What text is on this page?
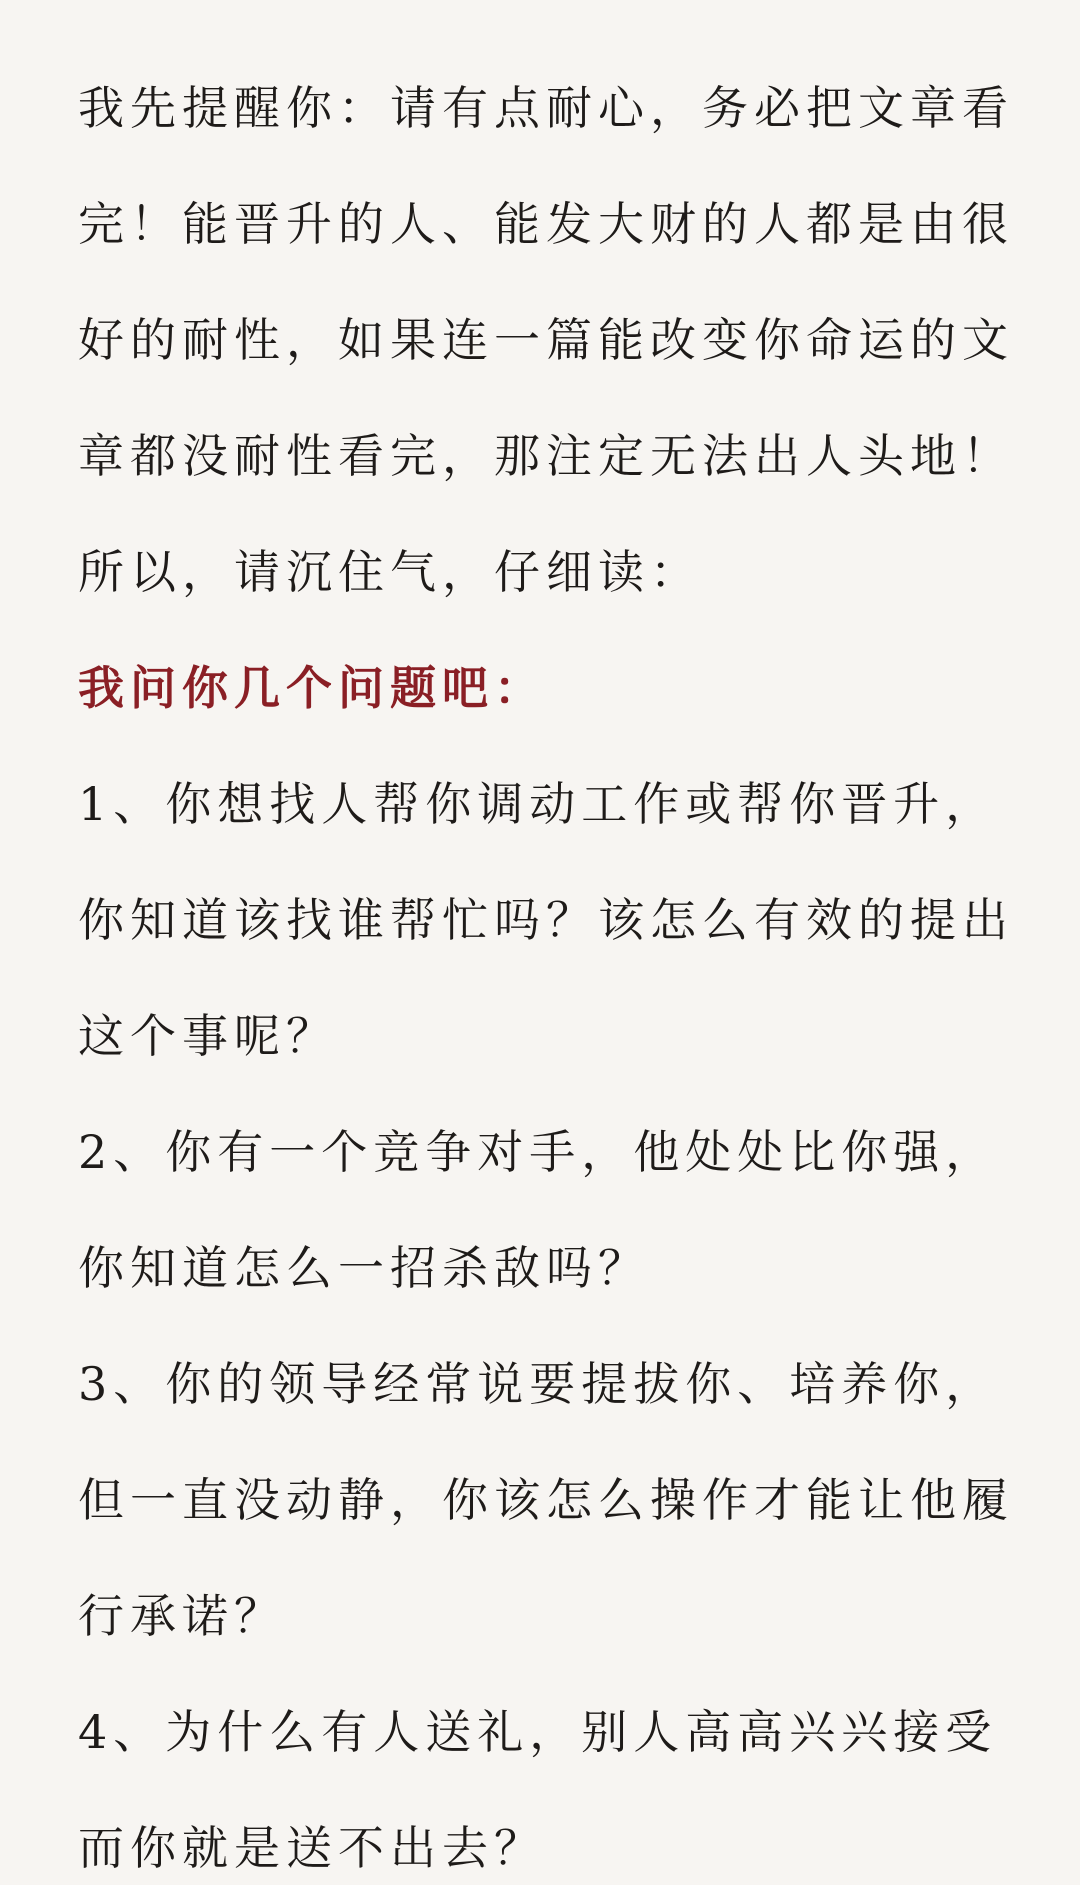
我先提醒你：请有点耐心，务必把文章看
完！能晋升的人、能发大财的人都是由很
好的耐性，如果连一篇能改变你命运的文
章都没耐性看完，那注定无法出人头地！
所以，请沉住气，仔细读：
我问你几个问题吧：
1、你想找人帮你调动工作或帮你晋升，
你知道该找谁帮忙吗？该怎么有效的提出
这个事呢？
2、你有一个竞争对手，他处处比你强，
你知道怎么一招杀敌吗？
3、你的领导经常说要提拔你、培养你，
但一直没动静，你该怎么操作才能让他履
行承诺？
4、为什么有人送礼，别人高高兴兴接受
而你就是送不出去？
